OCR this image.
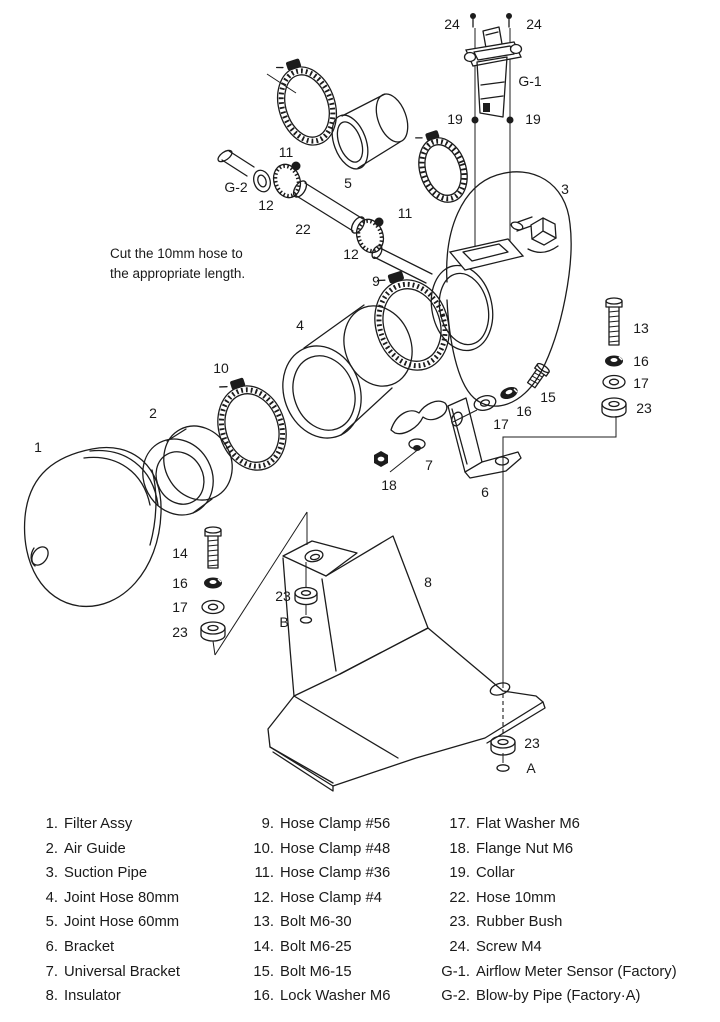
Cut the 10mm hose to
the appropriate length.
24	24
G-1
19	19
11
5
G-2
12
22
11
12
9
3
4
10
2
1
13
16
17
23
15
16
17
7
18	6
14
16
17
23
23
B
8
23
A
1. Filter Assy
2. Air Guide
3. Suction Pipe
4. Joint Hose 80mm
5. Joint Hose 60mm
6. Bracket
7. Universal Bracket
8. Insulator
9. Hose Clamp #56
10. Hose Clamp #48
11. Hose Clamp #36
12. Hose Clamp #4
13. Bolt M6-30
14. Bolt M6-25
15. Bolt M6-15
16. Lock Washer M6
17. Flat Washer M6
18. Flange Nut M6
19. Collar
22. Hose 10mm
23. Rubber Bush
24. Screw M4
G-1. Airflow Meter Sensor (Factory)
G-2. Blow-by Pipe (Factory·A)
